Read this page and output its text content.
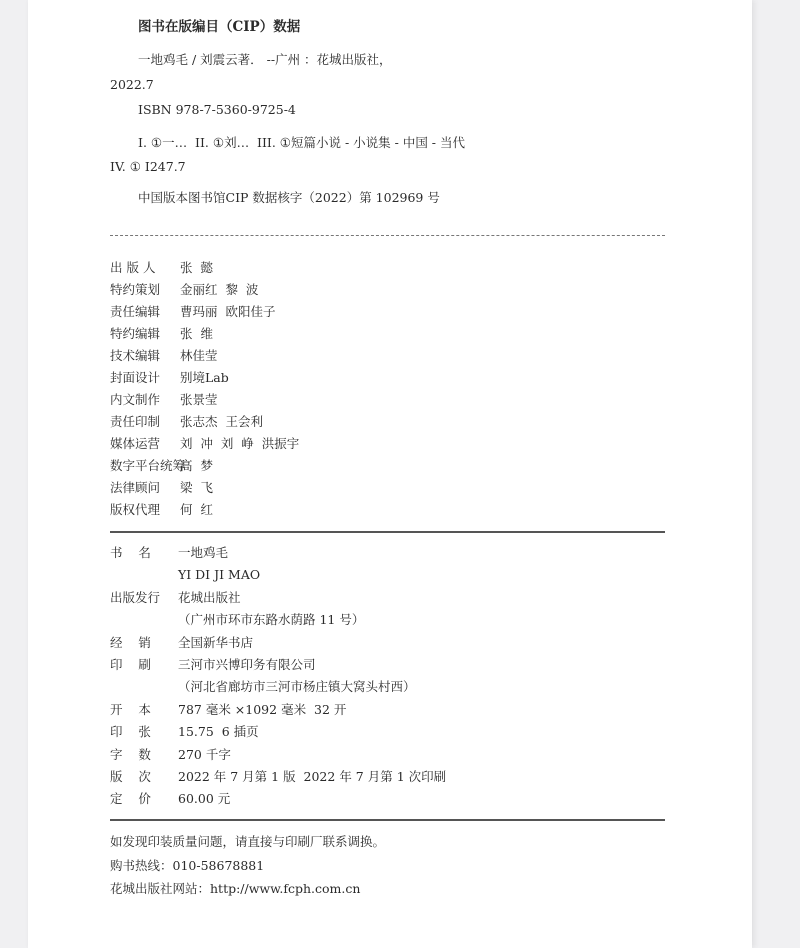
图书在版编目（CIP）数据
一地鸡毛 / 刘震云著． --广州 ：花城出版社，
2022.7
ISBN 978-7-5360-9725-4
I. ①一…  II. ①刘…  III. ①短篇小说 - 小说集 - 中国 - 当代
IV. ① I247.7
中国版本图书馆CIP 数据核字（2022）第 102969 号
出 版 人 张  懿
特约策划 金丽红  黎  波
责任编辑 曹玛丽  欧阳佳子
特约编辑 张  维
技术编辑 林佳莹
封面设计 别境Lab
内文制作 张景莹
责任印制 张志杰  王会利
媒体运营 刘  冲  刘  峥  洪振宇
数字平台统筹
高  梦
法律顾问 梁  飞
版权代理 何  红
书    名 一地鸡毛
YI DI JI MAO
出版发行 花城出版社
（广州市环市东路水荫路 11 号）
经    销 全国新华书店
印    刷 三河市兴博印务有限公司
（河北省廊坊市三河市杨庄镇大窝头村西）
开    本 787 毫米 ×1092 毫米  32 开
印    张 15.75  6 插页
字    数 270 千字
版    次 2022 年 7 月第 1 版  2022 年 7 月第 1 次印刷
定    价 60.00 元
如发现印装质量问题，请直接与印刷厂联系调换。
购书热线：010-58678881
花城出版社网站：http://www.fcph.com.cn
